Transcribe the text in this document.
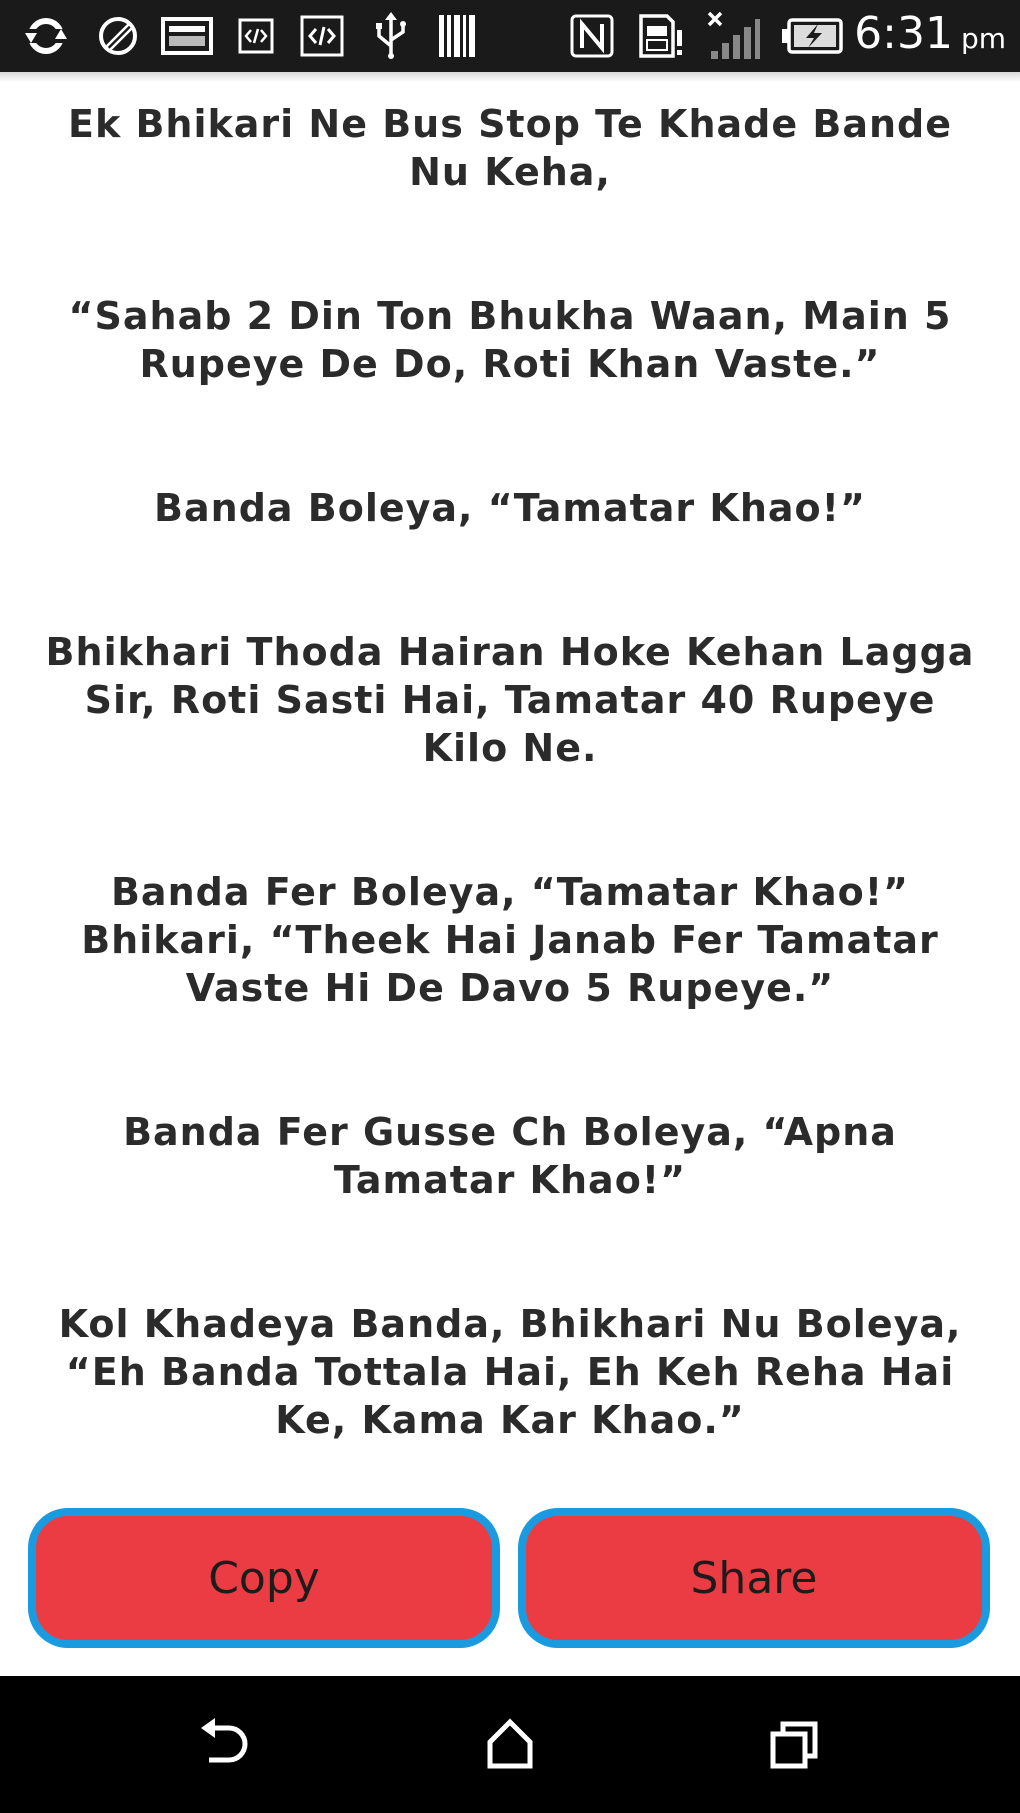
6:31 pm

Ek Bhikari Ne Bus Stop Te Khade Bande Nu Keha,

“Sahab 2 Din Ton Bhukha Waan, Main 5 Rupeye De Do, Roti Khan Vaste.”

Banda Boleya, “Tamatar Khao!”

Bhikhari Thoda Hairan Hoke Kehan Lagga Sir, Roti Sasti Hai, Tamatar 40 Rupeye Kilo Ne.

Banda Fer Boleya, “Tamatar Khao!” Bhikari, “Theek Hai Janab Fer Tamatar Vaste Hi De Davo 5 Rupeye.”

Banda Fer Gusse Ch Boleya, “Apna Tamatar Khao!”

Kol Khadeya Banda, Bhikhari Nu Boleya, “Eh Banda Tottala Hai, Eh Keh Reha Hai Ke, Kama Kar Khao.”

Copy	Share
